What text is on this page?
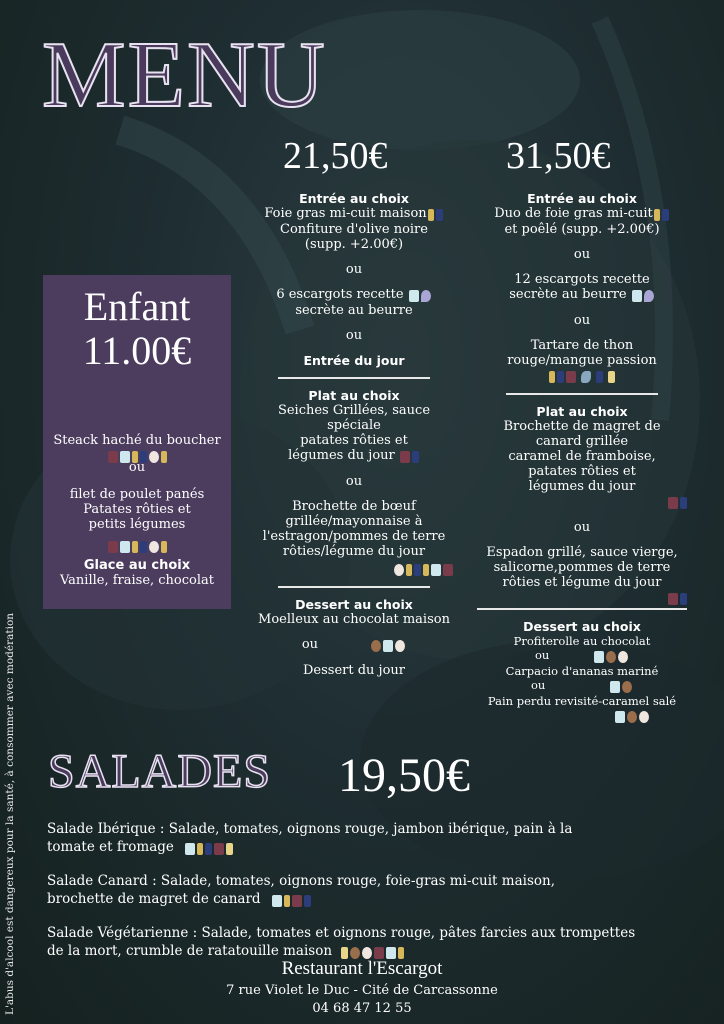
MENU
21,50€

Entrée au choix

Foie gras mi-cuit maison

Confiture d'olive noire

(supp. +2.00€)

ou

6 escargots recette

secrète au beurre

ou

Entrée du jour

Plat au choix

Seiches Grillées, sauce

spéciale

patates rôties et

légumes du jour

ou

Brochette de bœuf

grillée/mayonnaise à

l'estragon/pommes de terre

rôties/légume du jour

Dessert au choix

Moelleux au chocolat maison

ou

Dessert du jour

31,50€

Entrée au choix

Duo de foie gras mi-cuit

et poêlé (supp. +2.00€)

ou

12 escargots recette

secrète au beurre

ou

Tartare de thon

rouge/mangue passion

Plat au choix

Brochette de magret de

canard grillée

caramel de framboise,

patates rôties et

légumes du jour

ou

Espadon grillé, sauce vierge,

salicorne,pommes de terre

rôties et légume du jour

Dessert au choix

Profiterolle au chocolat

ou

Carpacio d'ananas mariné

ou

Pain perdu revisité-caramel salé

Enfant
11.00€

Steack haché du boucher

ou

filet de poulet panés

Patates rôties et

petits légumes

Glace au choix

Vanille, fraise, chocolat

SALADES 19,50€
Salade Ibérique : Salade, tomates, oignons rouge, jambon ibérique, pain à la
tomate et fromage
Salade Canard : Salade, tomates, oignons rouge, foie-gras mi-cuit maison,
brochette de magret de canard
Salade Végétarienne : Salade, tomates et oignons rouge, pâtes farcies aux trompettes
de la mort, crumble de ratatouille maison
Restaurant l'Escargot
7 rue Violet le Duc - Cité de Carcassonne
04 68 47 12 55
L'abus d'alcool est dangereux pour la santé, à consommer avec modération
